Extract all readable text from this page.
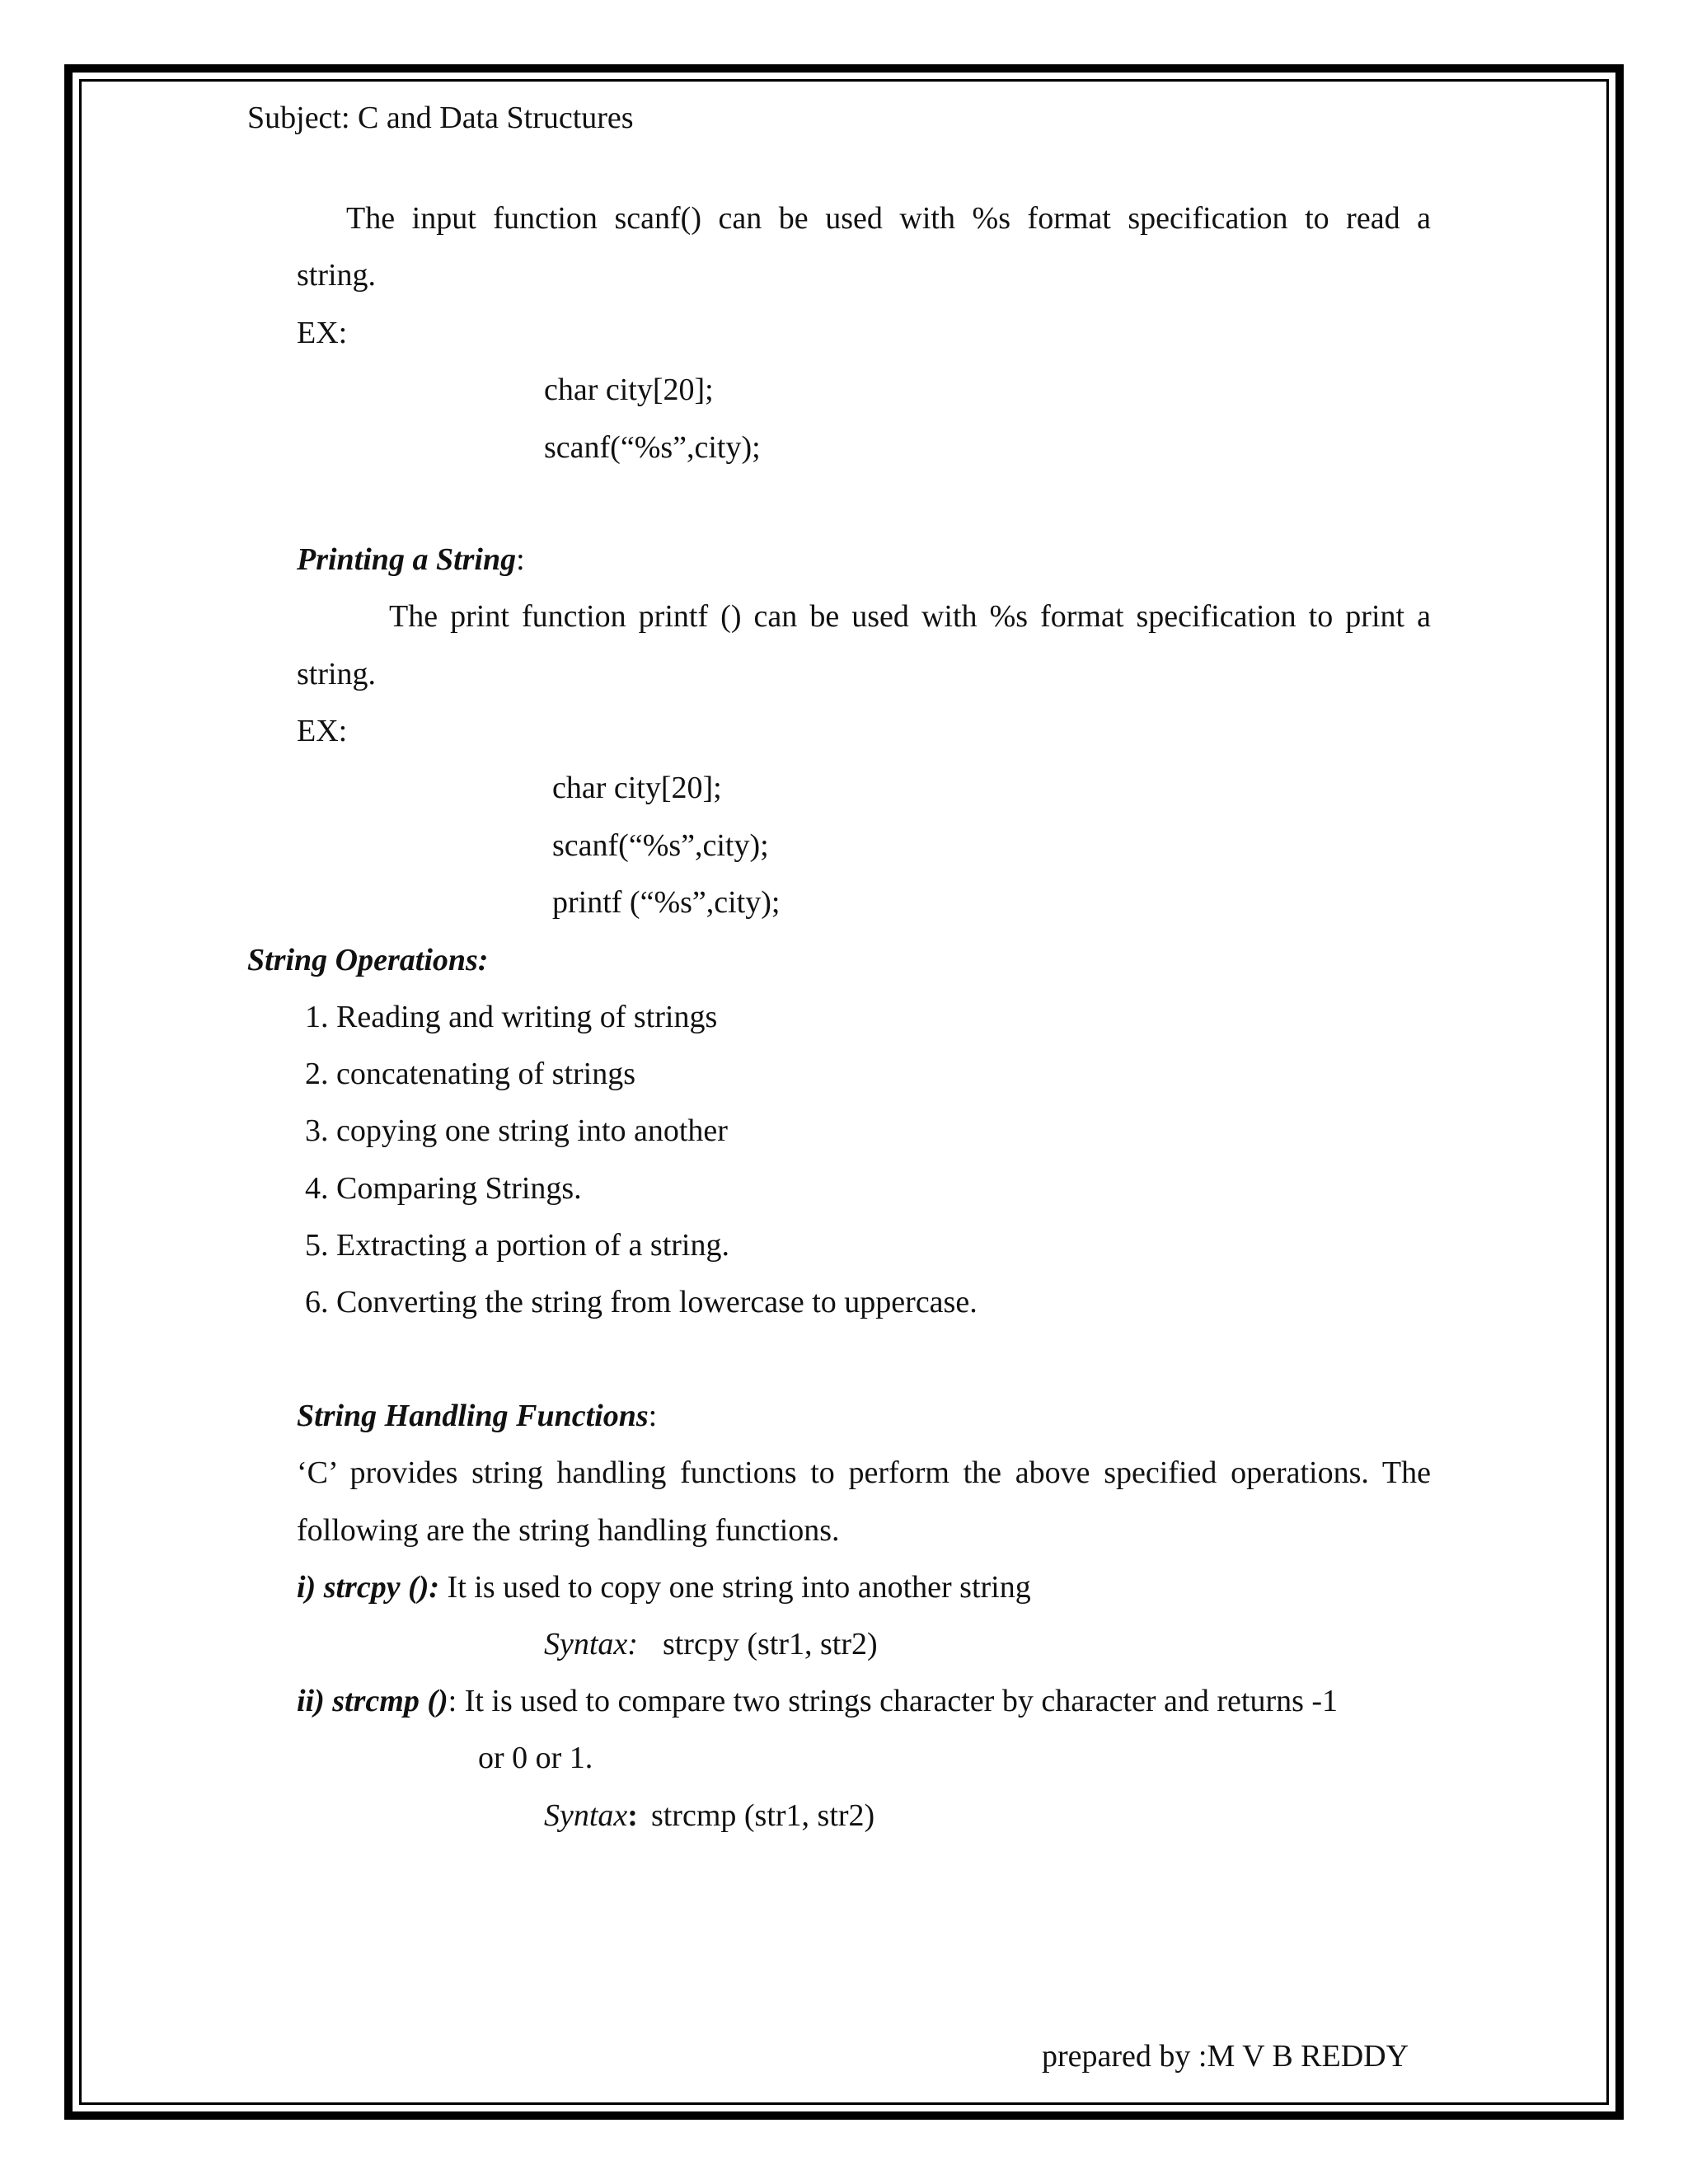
Subject: C and Data Structures
The input function scanf() can be used with %s format specification to read a
string.
EX:
char city[20];
scanf(“%s”,city);
Printing a String:
The print function printf () can be used with %s format specification to print a
string.
EX:
char city[20];
scanf(“%s”,city);
printf (“%s”,city);
String Operations:
1. Reading and writing of strings
2. concatenating of strings
3. copying one string into another
4. Comparing Strings.
5. Extracting a portion of a string.
6. Converting the string from lowercase to uppercase.
String Handling Functions:
‘C’ provides string handling functions to perform the above specified operations. The
following are the string handling functions.
i) strcpy (): It is used to copy one string into another string
Syntax: strcpy (str1, str2)
ii) strcmp (): It is used to compare two strings character by character and returns -1
or 0 or 1.
Syntax: strcmp (str1, str2)
prepared by :M V B REDDY
